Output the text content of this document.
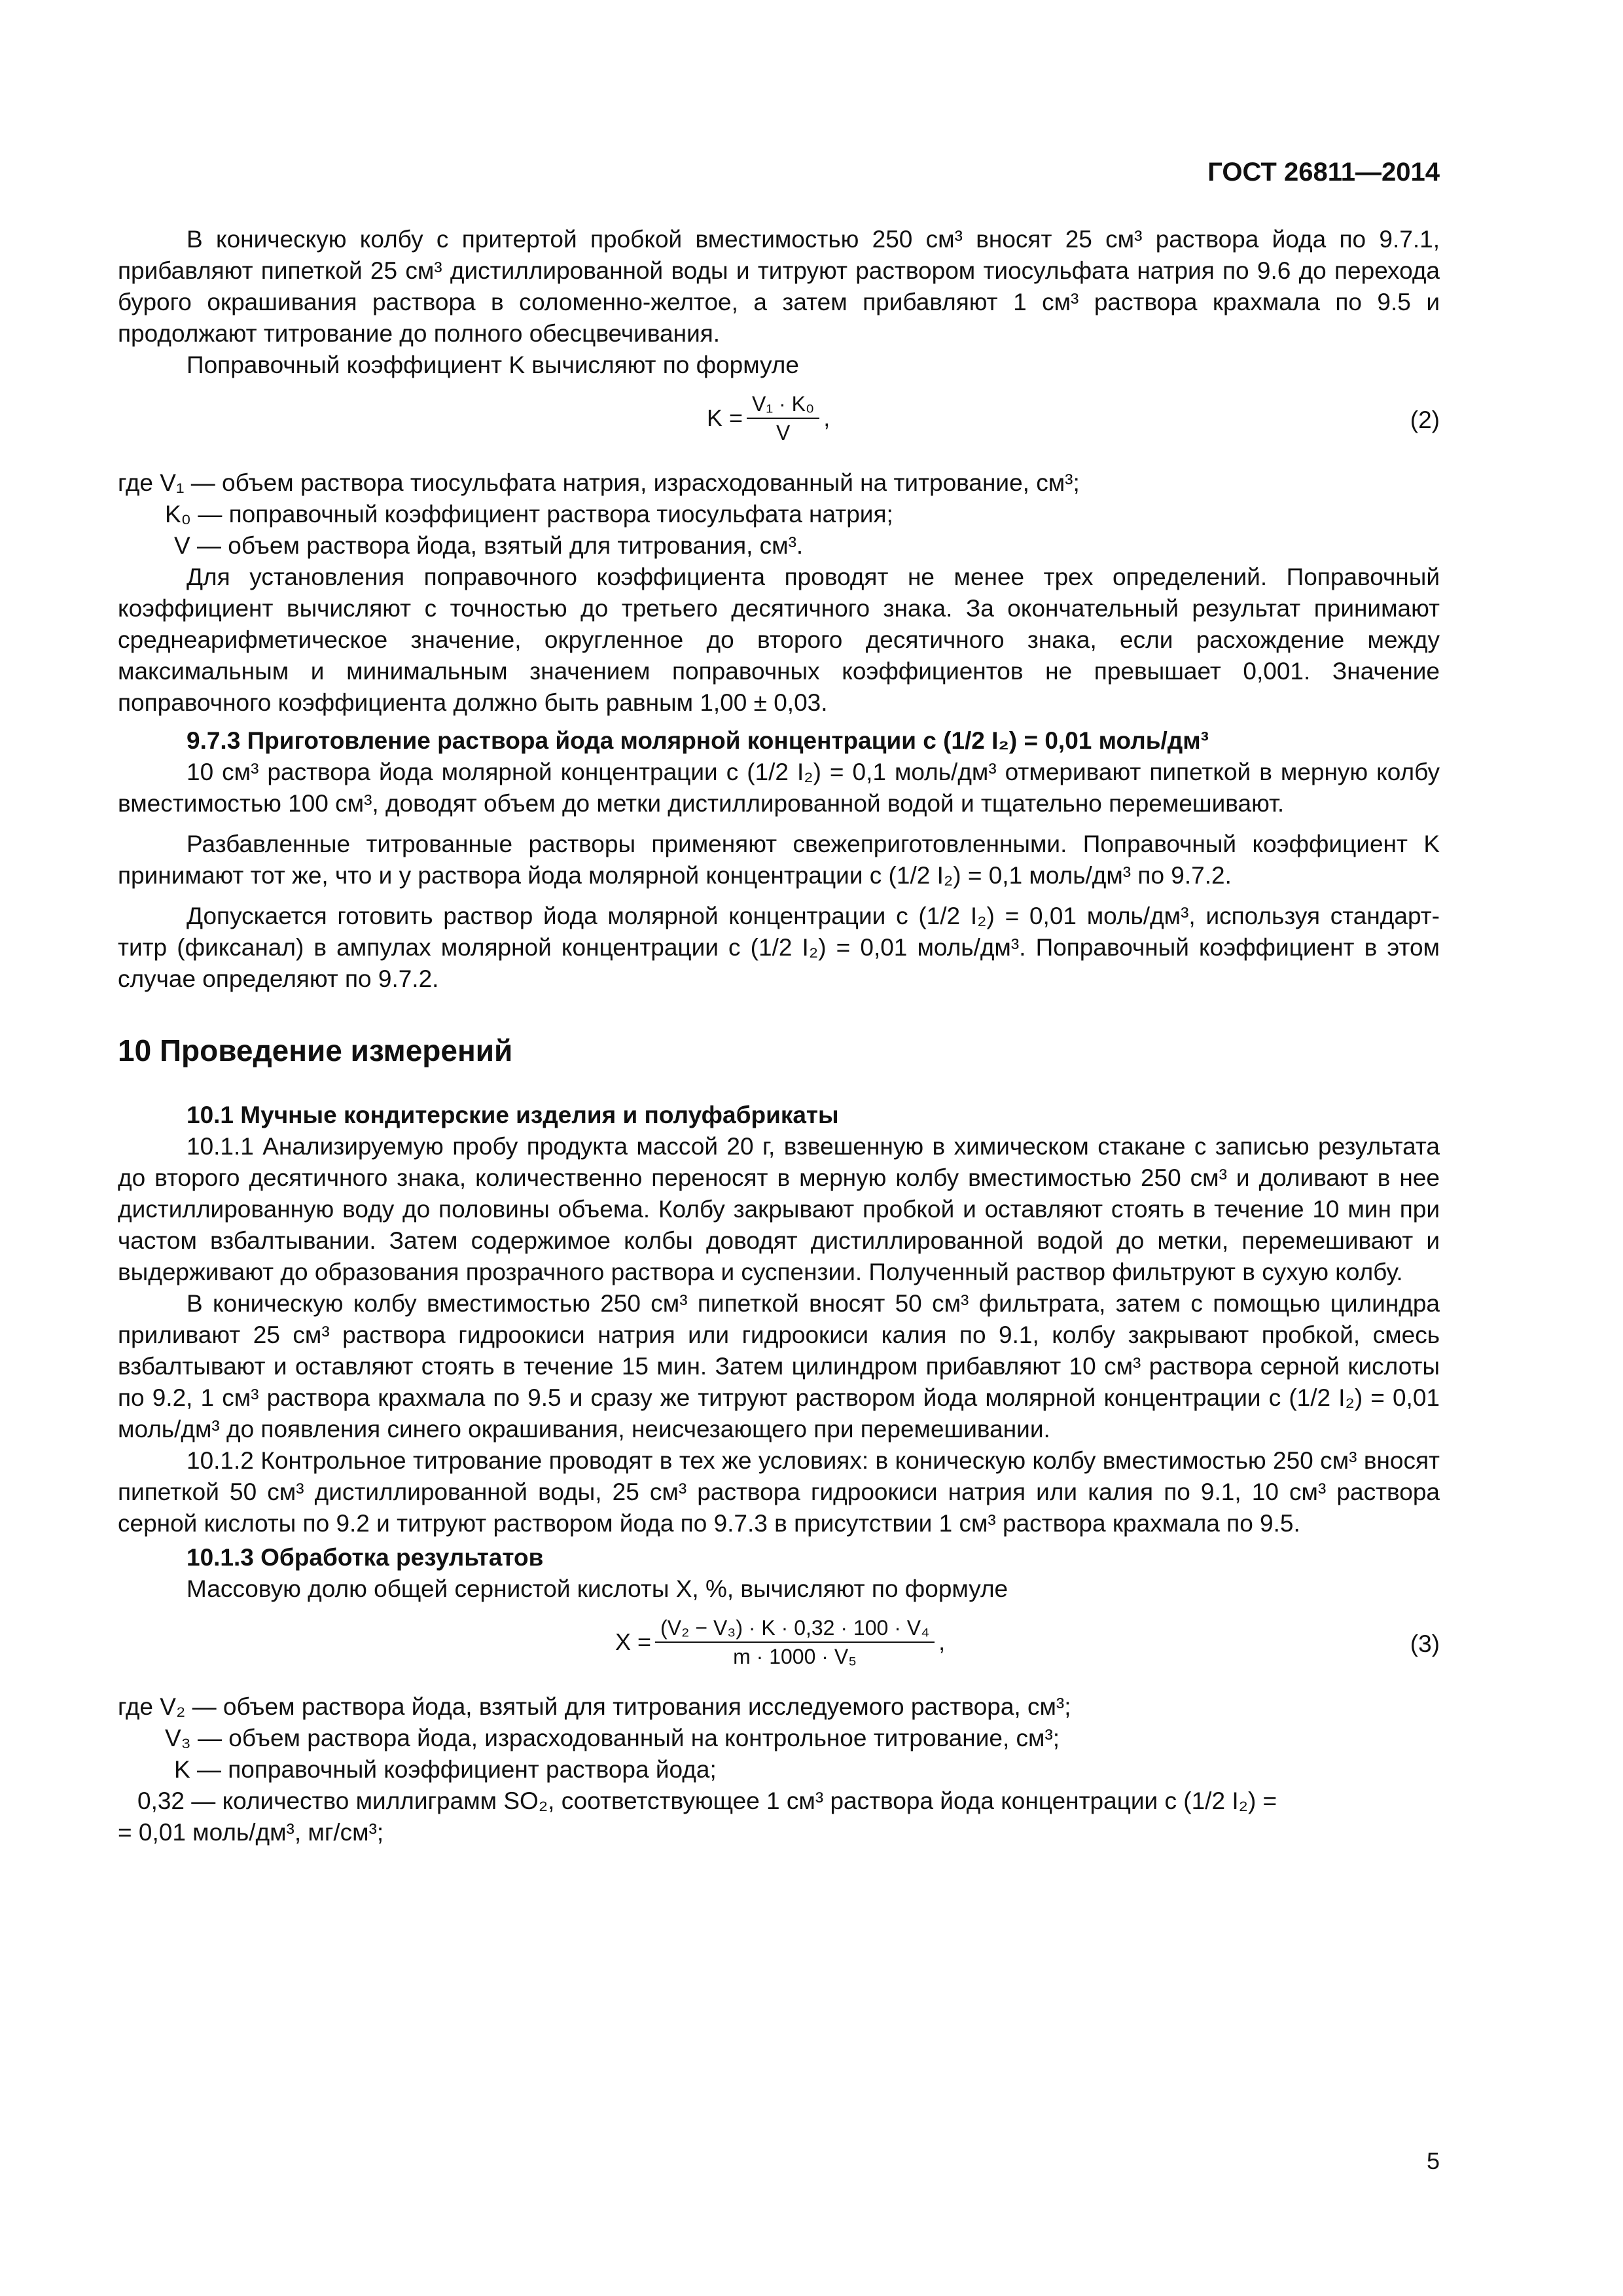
ГОСТ 26811—2014

В коническую колбу с притертой пробкой вместимостью 250 см³ вносят 25 см³ раствора йода по 9.7.1, прибавляют пипеткой 25 см³ дистиллированной воды и титруют раствором тиосульфата натрия по 9.6 до перехода бурого окрашивания раствора в соломенно-желтое, а затем прибавляют 1 см³ раствора крахмала по 9.5 и продолжают титрование до полного обесцвечивания.

Поправочный коэффициент K вычисляют по формуле

$K = \frac{\text{V₁ · K₀}}{V}$ ,	(2)

где V₁ — объем раствора тиосульфата натрия, израсходованный на титрование, см³;

K₀ — поправочный коэффициент раствора тиосульфата натрия;

V — объем раствора йода, взятый для титрования, см³.

Для установления поправочного коэффициента проводят не менее трех определений. Поправочный коэффициент вычисляют с точностью до третьего десятичного знака. За окончательный результат принимают среднеарифметическое значение, округленное до второго десятичного знака, если расхождение между максимальным и минимальным значением поправочных коэффициентов не превышает 0,001. Значение поправочного коэффициента должно быть равным 1,00 ± 0,03.

9.7.3 Приготовление раствора йода молярной концентрации c (1/2 I₂) = 0,01 моль/дм³

10 см³ раствора йода молярной концентрации c (1/2 I₂) = 0,1 моль/дм³ отмеривают пипеткой в мерную колбу вместимостью 100 см³, доводят объем до метки дистиллированной водой и тщательно перемешивают.

Разбавленные титрованные растворы применяют свежеприготовленными. Поправочный коэффициент K принимают тот же, что и у раствора йода молярной концентрации c (1/2 I₂) = 0,1 моль/дм³ по 9.7.2.

Допускается готовить раствор йода молярной концентрации c (1/2 I₂) = 0,01 моль/дм³, используя стандарт-титр (фиксанал) в ампулах молярной концентрации c (1/2 I₂) = 0,01 моль/дм³. Поправочный коэффициент в этом случае определяют по 9.7.2.

10 Проведение измерений

10.1 Мучные кондитерские изделия и полуфабрикаты

10.1.1 Анализируемую пробу продукта массой 20 г, взвешенную в химическом стакане с записью результата до второго десятичного знака, количественно переносят в мерную колбу вместимостью 250 см³ и доливают в нее дистиллированную воду до половины объема. Колбу закрывают пробкой и оставляют стоять в течение 10 мин при частом взбалтывании. Затем содержимое колбы доводят дистиллированной водой до метки, перемешивают и выдерживают до образования прозрачного раствора и суспензии. Полученный раствор фильтруют в сухую колбу.

В коническую колбу вместимостью 250 см³ пипеткой вносят 50 см³ фильтрата, затем с помощью цилиндра приливают 25 см³ раствора гидроокиси натрия или гидроокиси калия по 9.1, колбу закрывают пробкой, смесь взбалтывают и оставляют стоять в течение 15 мин. Затем цилиндром прибавляют 10 см³ раствора серной кислоты по 9.2, 1 см³ раствора крахмала по 9.5 и сразу же титруют раствором йода молярной концентрации c (1/2 I₂) = 0,01 моль/дм³ до появления синего окрашивания, неисчезающего при перемешивании.

10.1.2 Контрольное титрование проводят в тех же условиях: в коническую колбу вместимостью 250 см³ вносят пипеткой 50 см³ дистиллированной воды, 25 см³ раствора гидроокиси натрия или калия по 9.1, 10 см³ раствора серной кислоты по 9.2 и титруют раствором йода по 9.7.3 в присутствии 1 см³ раствора крахмала по 9.5.

10.1.3 Обработка результатов

Массовую долю общей сернистой кислоты X, %, вычисляют по формуле

$X = \frac{\text{(V₂ − V₃) · K · 0,32 · 100 · V₄}}{\text{m · 1000 · V₅}}$ ,	(3)

где V₂ — объем раствора йода, взятый для титрования исследуемого раствора, см³;

V₃ — объем раствора йода, израсходованный на контрольное титрование, см³;

K — поправочный коэффициент раствора йода;

0,32 — количество миллиграмм SO₂, соответствующее 1 см³ раствора йода концентрации c (1/2 I₂) =

= 0,01 моль/дм³, мг/см³;

5
